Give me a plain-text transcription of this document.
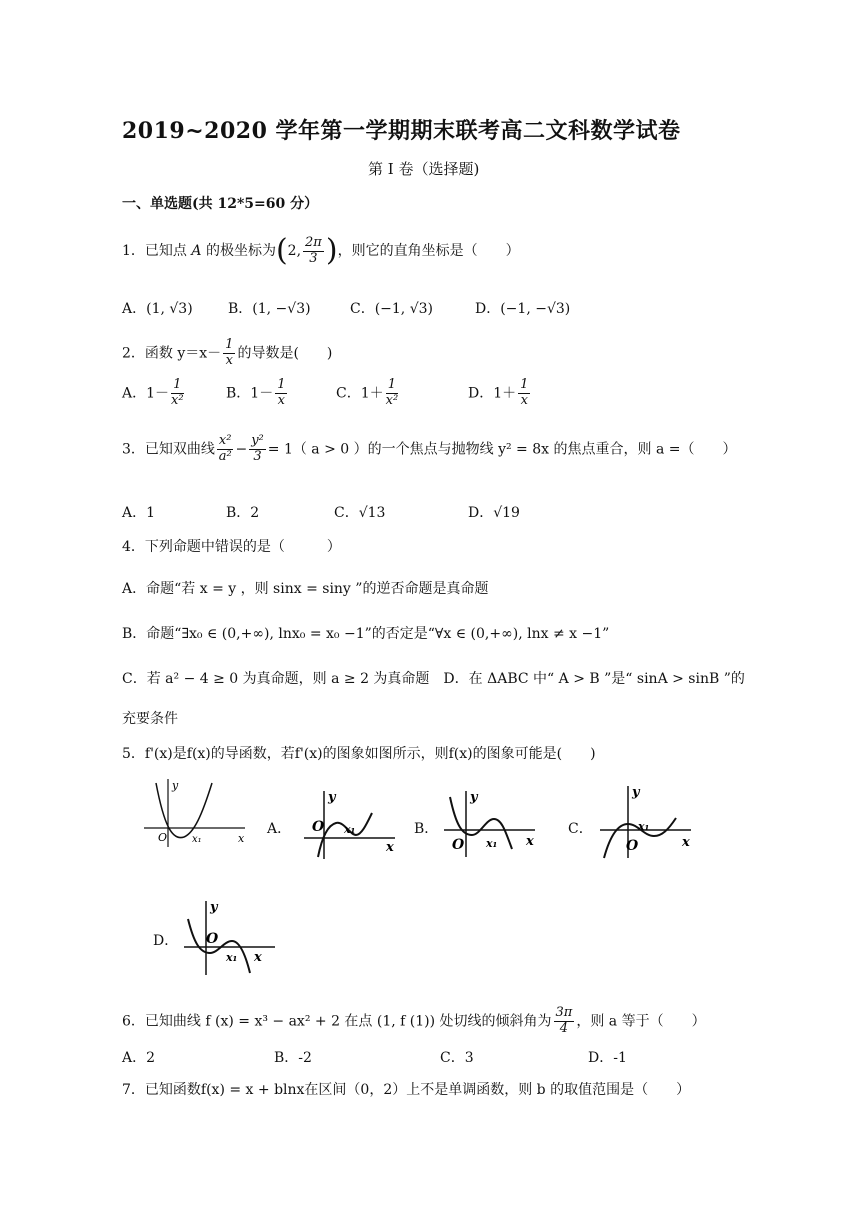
2019~2020 学年第一学期期末联考高二文科数学试卷
第 I 卷（选择题)
一、单选题(共 12*5=60 分）
1．已知点 A 的极坐标为(2, $\frac{2\pi}{3}$ )，则它的直角坐标是（　　）
A．(1, √3)	B．(1, −√3)	C．(−1, √3)	D．(−1, −√3)
2．函数 $y=x- \frac{1}{x}$ 的导数是(　　)
A．$1- \frac{1}{\text{x²}}$	B．$1- \frac{1}{x}$	C．$1+ \frac{1}{\text{x²}}$	D．$1+ \frac{1}{x}$
3．已知双曲线 $\frac{\text{x²}}{\text{a²}} - \frac{\text{y²}}{3} = 1$（ a > 0 ）的一个焦点与抛物线 y² = 8x 的焦点重合，则 a =（　　）
A．1	B．2	C．√13	D．√19
4．下列命题中错误的是（　　　）
A．命题“若 x = y ，则 sinx = siny ”的逆否命题是真命题
B．命题“∃x₀ ∈ (0,+∞), lnx₀ = x₀ −1”的否定是“∀x ∈ (0,+∞), lnx ≠ x −1”
C．若 a² − 4 ≥ 0 为真命题，则 a ≥ 2 为真命题　D．在 ΔABC 中“ A > B ”是“ sinA > sinB ”的
充要条件
5．f'(x)是f(x)的导函数，若f'(x)的图象如图所示，则f(x)的图象可能是(　　)
y
x
O x₁
A．
y
x
O x₁	B．
y
x
O x₁
C．
y
x
O
x₁
D．
y
x
O
x₁
6．已知曲线 f (x) = x³ − ax² + 2 在点 (1, f (1)) 处切线的倾斜角为 $\frac{3\pi}{4}$ ，则 a 等于（　　）
A．2	B．-2	C．3	D．-1
7．已知函数f(x) = x + blnx在区间（0，2）上不是单调函数，则 b 的取值范围是（　　）
